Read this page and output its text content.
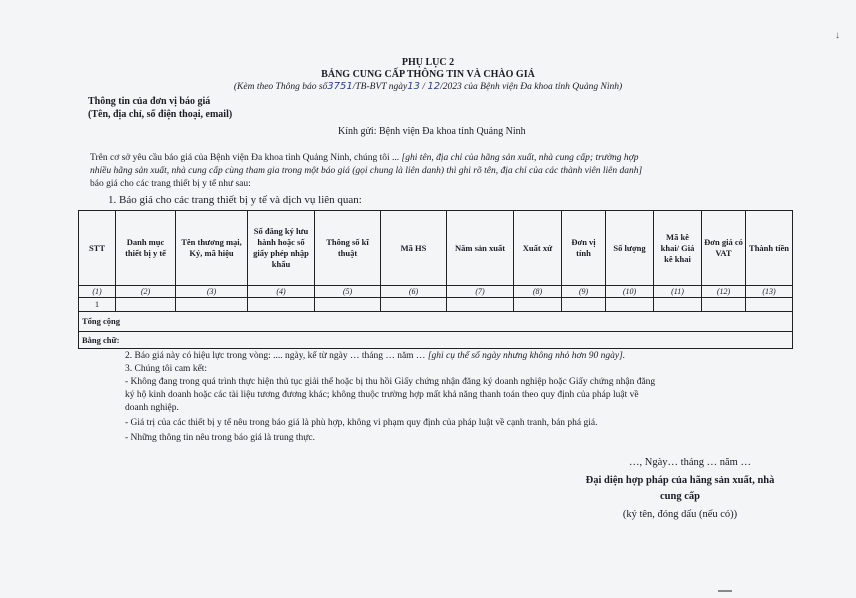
PHỤ LỤC 2
BẢNG CUNG CẤP THÔNG TIN VÀ CHÀO GIÁ
(Kèm theo Thông báo số3751/TB-BVT ngày13 / 12/2023 của Bệnh viện Đa khoa tỉnh Quảng Ninh)
Thông tin của đơn vị báo giá
(Tên, địa chỉ, số điện thoại, email)
Kính gửi: Bệnh viện Đa khoa tỉnh Quảng Ninh
Trên cơ sở yêu cầu báo giá của Bệnh viện Đa khoa tỉnh Quảng Ninh, chúng tôi ... [ghi tên, địa chỉ của hãng sản xuất, nhà cung cấp; trường hợp
nhiều hãng sản xuất, nhà cung cấp cùng tham gia trong một báo giá (gọi chung là liên danh) thì ghi rõ tên, địa chỉ của các thành viên liên danh]
báo giá cho các trang thiết bị y tế như sau:
1. Báo giá cho các trang thiết bị y tế và dịch vụ liên quan:
STT	Danh mục thiết bị y tế	Tên thương mại, Ký, mã hiệu	Số đăng ký lưu hành hoặc số giấy phép nhập khẩu	Thông số kĩ thuật	Mã HS	Năm sản xuất	Xuất xứ	Đơn vị tính	Số lượng	Mã kê khai/ Giá kê khai	Đơn giá có VAT	Thành tiền
(1)	(2)	(3)	(4)	(5)	(6)	(7)	(8)	(9)	(10)	(11)	(12)	(13)
1												
Tổng cộng												
Bằng chữ:												
2. Báo giá này có hiệu lực trong vòng: .... ngày, kể từ ngày … tháng … năm … [ghi cụ thể số ngày nhưng không nhỏ hơn 90 ngày].
3. Chúng tôi cam kết:
- Không đang trong quá trình thực hiện thủ tục giải thể hoặc bị thu hồi Giấy chứng nhận đăng ký doanh nghiệp hoặc Giấy chứng nhận đăng
ký hộ kinh doanh hoặc các tài liệu tương đương khác; không thuộc trường hợp mất khả năng thanh toán theo quy định của pháp luật về
doanh nghiệp.
- Giá trị của các thiết bị y tế nêu trong báo giá là phù hợp, không vi phạm quy định của pháp luật về cạnh tranh, bán phá giá.
- Những thông tin nêu trong báo giá là trung thực.
…, Ngày… tháng … năm …
Đại diện hợp pháp của hãng sản xuất, nhà
cung cấp
(ký tên, đóng dấu (nếu có))
↓
